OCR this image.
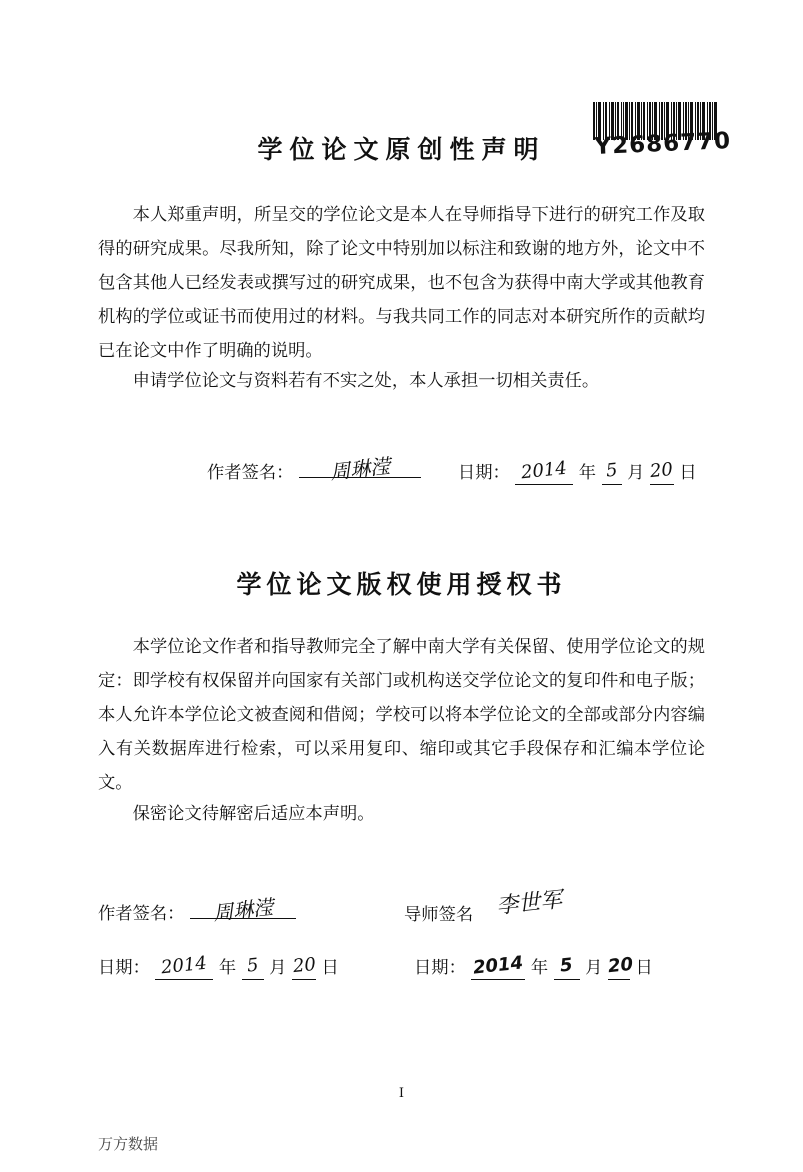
学位论文原创性声明	Y2686770

本人郑重声明，所呈交的学位论文是本人在导师指导下进行的研究工作及取得的研究成果。尽我所知，除了论文中特别加以标注和致谢的地方外，论文中不包含其他人已经发表或撰写过的研究成果，也不包含为获得中南大学或其他教育机构的学位或证书而使用过的材料。与我共同工作的同志对本研究所作的贡献均已在论文中作了明确的说明。

申请学位论文与资料若有不实之处，本人承担一切相关责任。

作者签名： 周琳滢	日期： 2014 年 5 月 20 日
学位论文版权使用授权书

本学位论文作者和指导教师完全了解中南大学有关保留、使用学位论文的规定：即学校有权保留并向国家有关部门或机构送交学位论文的复印件和电子版；本人允许本学位论文被查阅和借阅；学校可以将本学位论文的全部或部分内容编入有关数据库进行检索，可以采用复印、缩印或其它手段保存和汇编本学位论文。

保密论文待解密后适应本声明。

作者签名： 周琳滢	导师签名 李世军
日期： 2014 年 5 月 20 日	日期： 2014 年 5 月 20 日

I

万方数据
